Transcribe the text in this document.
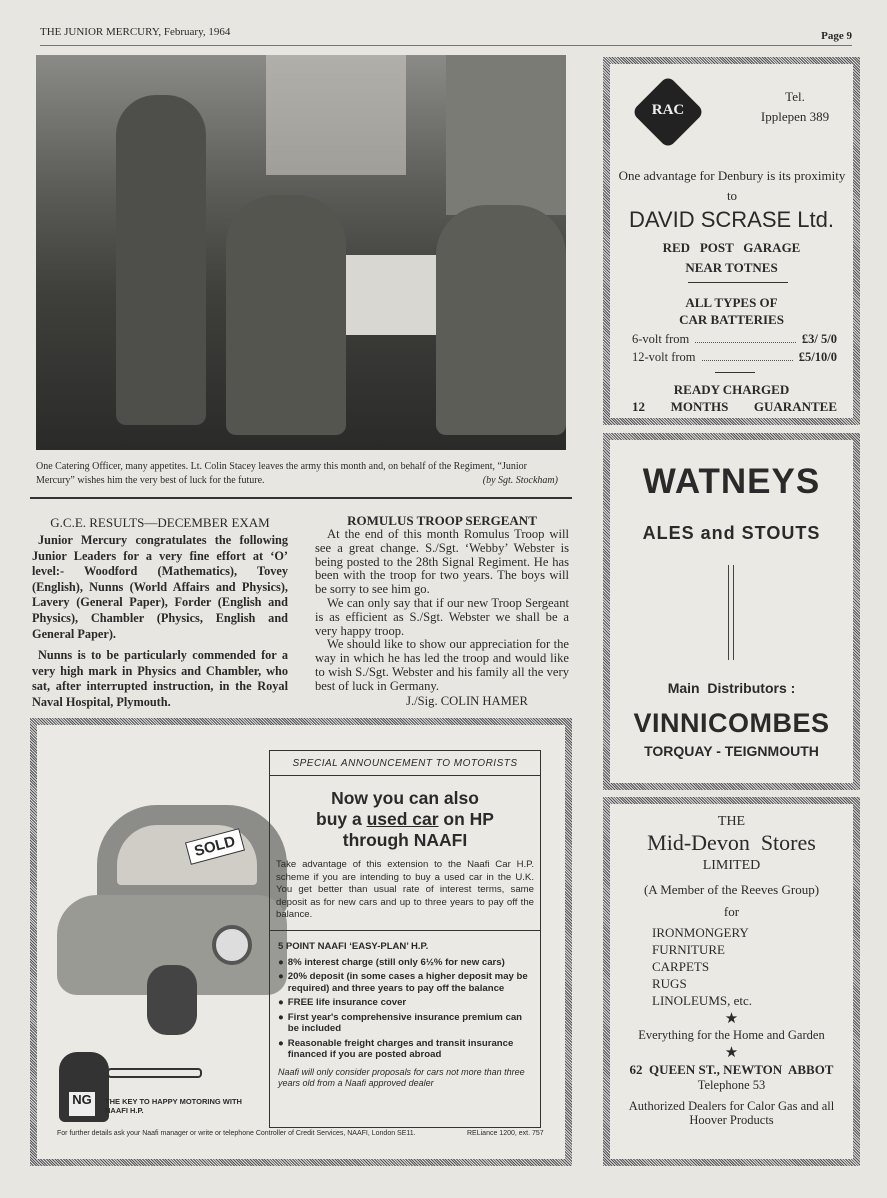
THE JUNIOR MERCURY, February, 1964	Page 9
One Catering Officer, many appetites. Lt. Colin Stacey leaves the army this month and, on behalf of the Regiment, “Junior Mercury” wishes him the very best of luck for the future.	(by Sgt. Stockham)
G.C.E. RESULTS—DECEMBER EXAM

Junior Mercury congratulates the following Junior Leaders for a very fine effort at ‘O’ level:- Woodford (Mathematics), Tovey (English), Nunns (World Affairs and Physics), Lavery (General Paper), Forder (English and Physics), Chambler (Physics, English and General Paper).

Nunns is to be particularly commended for a very high mark in Physics and Chambler, who sat, after interrupted instruction, in the Royal Naval Hospital, Plymouth.

ROMULUS TROOP SERGEANT

At the end of this month Romulus Troop will see a great change. S./Sgt. ‘Webby’ Webster is being posted to the 28th Signal Regiment. He has been with the troop for two years. The boys will be sorry to see him go.

We can only say that if our new Troop Sergeant is as efficient as S./Sgt. Webster we shall be a very happy troop.

We should like to show our appreciation for the way in which he has led the troop and would like to wish S./Sgt. Webster and his family all the very best of luck in Germany.

J./Sig. COLIN HAMER
SOLD
NG	THE KEY TO HAPPY MOTORING WITH NAAFI H.P.
SPECIAL ANNOUNCEMENT TO MOTORISTS
Now you can also
buy a used car on HP
through NAAFI

Take advantage of this extension to the Naafi Car H.P. scheme if you are intending to buy a used car in the U.K. You get better than usual rate of interest terms, same deposit as for new cars and up to three years to pay off the balance.

5 POINT NAAFI ‘EASY-PLAN’ H.P.
● 8% interest charge (still only 6½% for new cars)
● 20% deposit (in some cases a higher deposit may be required) and three years to pay off the balance
● FREE life insurance cover
● First year's comprehensive insurance premium can be included
● Reasonable freight charges and transit insurance financed if you are posted abroad

Naafi will only consider proposals for cars not more than three years old from a Naafi approved dealer

For further details ask your Naafi manager or write or telephone Controller of Credit Services, NAAFI, London SE11.	RELiance 1200, ext. 757
RAC
Tel.
Ipplepen 389
One advantage for Denbury is its proximity to
DAVID SCRASE Ltd.
RED   POST   GARAGE
NEAR TOTNES
ALL TYPES OF
CAR BATTERIES
6-volt from	£3/ 5/0
12-volt from	£5/10/0
READY CHARGED
12 MONTHS GUARANTEE
WATNEYS
ALES and STOUTS
Main  Distributors :
VINNICOMBES
TORQUAY - TEIGNMOUTH
THE
Mid-Devon  Stores
LIMITED
(A Member of the Reeves Group)
for
IRONMONGERY
FURNITURE
CARPETS
RUGS
LINOLEUMS, etc.
★
Everything for the Home and Garden
★
62  QUEEN ST., NEWTON  ABBOT
Telephone 53
Authorized Dealers for Calor Gas and all Hoover Products
